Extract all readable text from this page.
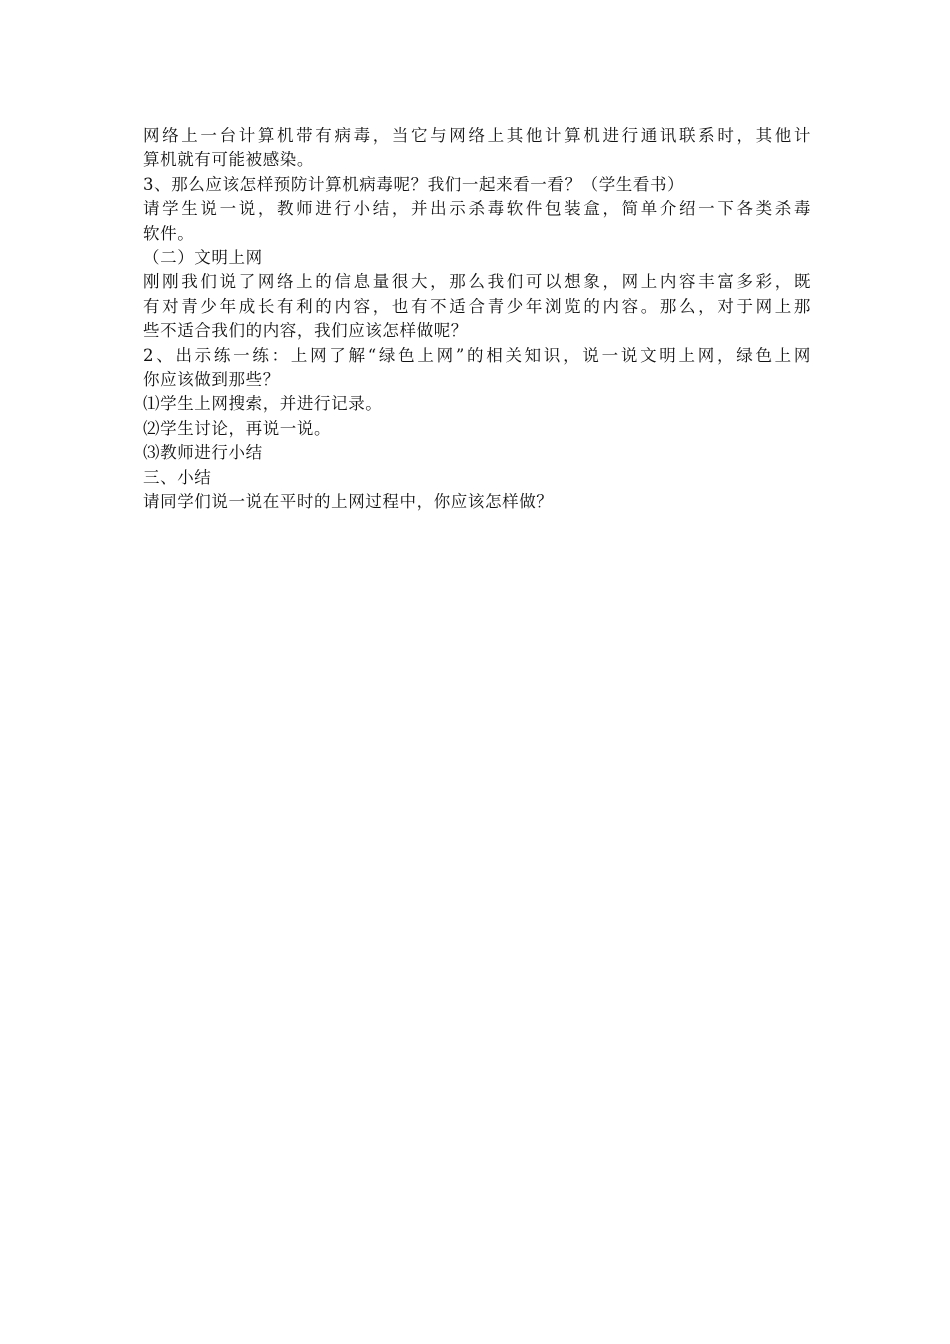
网络上一台计算机带有病毒，当它与网络上其他计算机进行通讯联系时，其他计
算机就有可能被感染。
3、那么应该怎样预防计算机病毒呢？我们一起来看一看？（学生看书）
请学生说一说，教师进行小结，并出示杀毒软件包装盒，简单介绍一下各类杀毒
软件。
（二）文明上网
刚刚我们说了网络上的信息量很大，那么我们可以想象，网上内容丰富多彩，既
有对青少年成长有利的内容，也有不适合青少年浏览的内容。那么，对于网上那
些不适合我们的内容，我们应该怎样做呢？
2、出示练一练：上网了解“绿色上网”的相关知识，说一说文明上网，绿色上网
你应该做到那些？
⑴学生上网搜索，并进行记录。
⑵学生讨论，再说一说。
⑶教师进行小结
三、小结
请同学们说一说在平时的上网过程中，你应该怎样做？
